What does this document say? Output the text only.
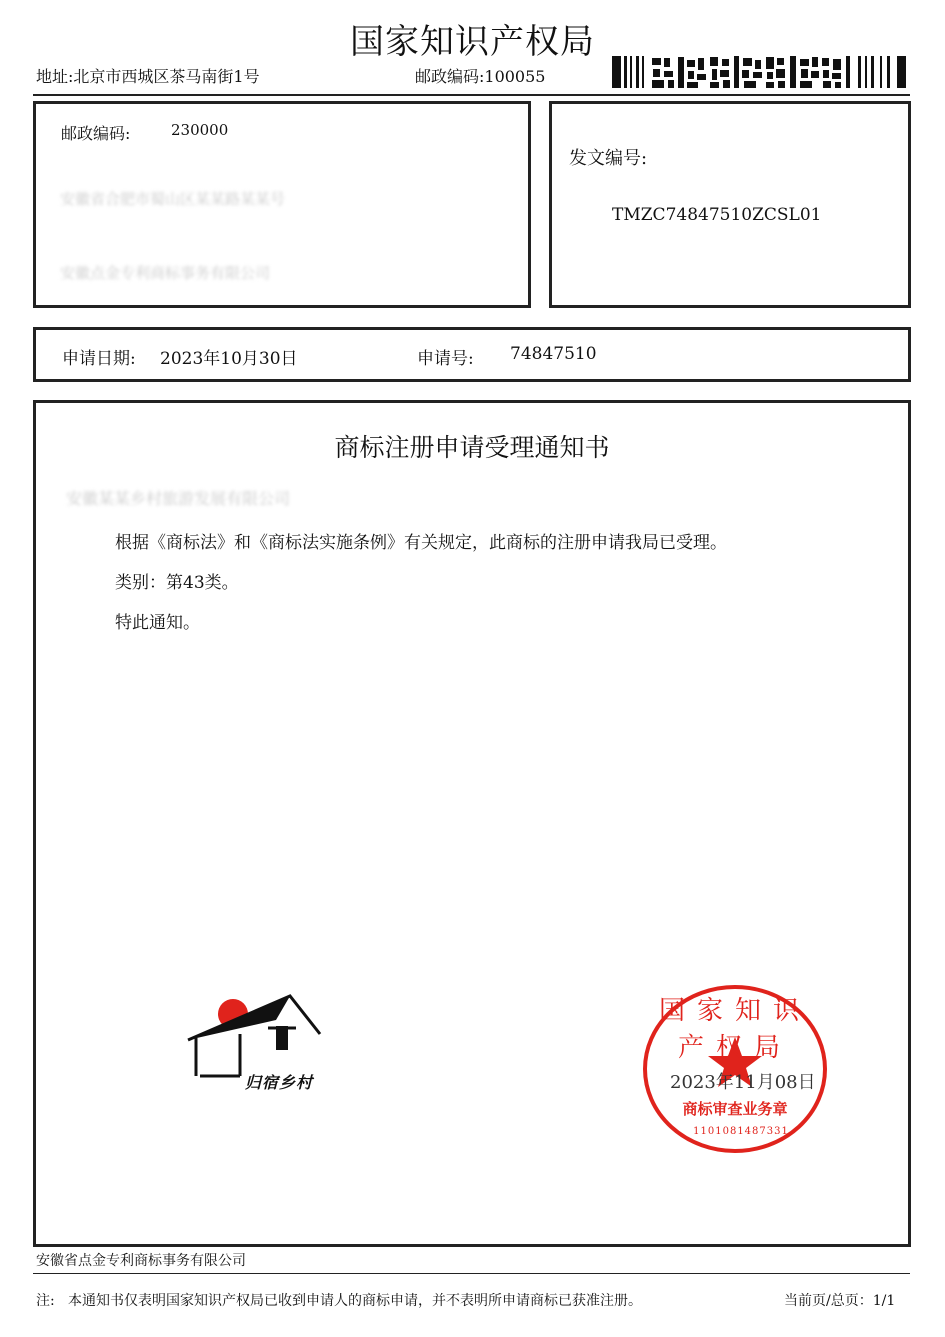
国家知识产权局
地址:北京市西城区茶马南街1号	邮政编码:100055
邮政编码:	230000
安徽省合肥市蜀山区某某路某某号
安徽点金专利商标事务有限公司
发文编号:
TMZC74847510ZCSL01
申请日期: 2023年10月30日	申请号: 74847510
商标注册申请受理通知书
安徽某某乡村旅游发展有限公司
根据《商标法》和《商标法实施条例》有关规定，此商标的注册申请我局已受理。
类别：第43类。
特此通知。
归宿乡村
国家知识产权局
商标审查业务章
1101081487331
2023年11月08日
安徽省点金专利商标事务有限公司
注: 本通知书仅表明国家知识产权局已收到申请人的商标申请，并不表明所申请商标已获准注册。	当前页/总页：1/1
